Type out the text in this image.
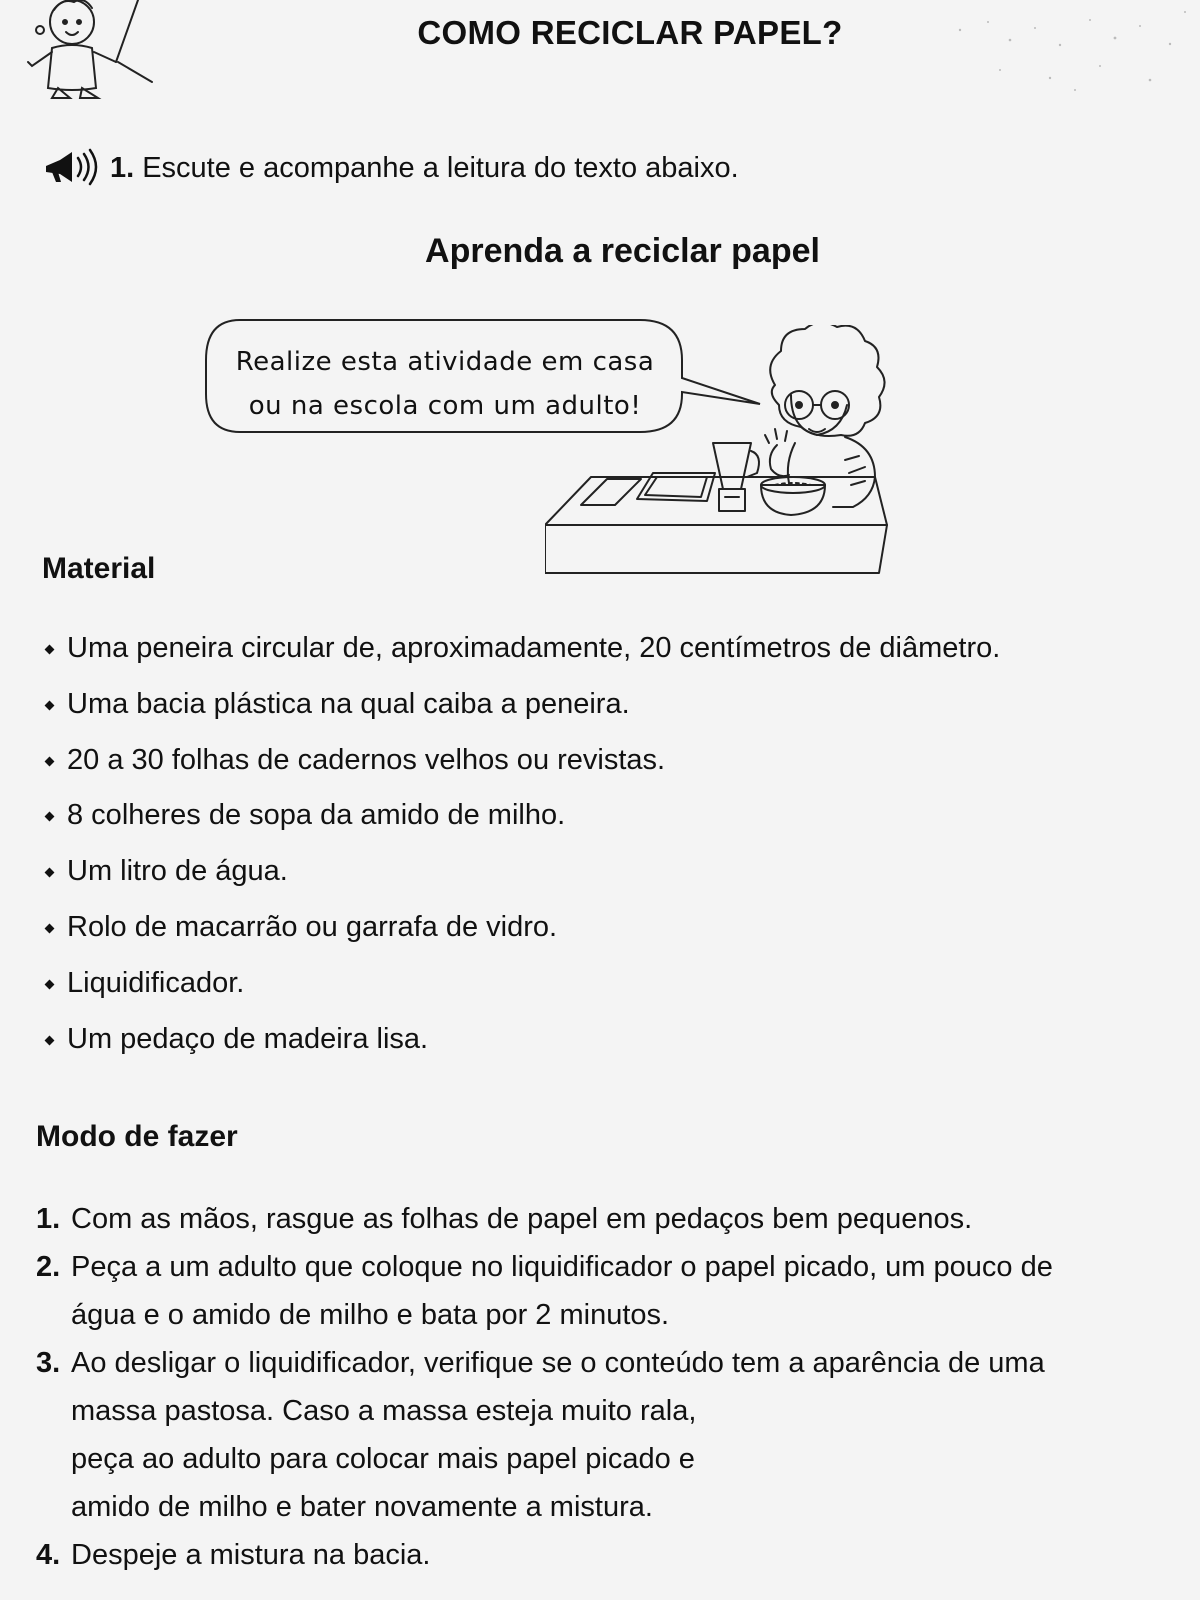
COMO RECICLAR PAPEL?
1. Escute e acompanhe a leitura do texto abaixo.
Aprenda a reciclar papel
Realize esta atividade em casa
ou na escola com um adulto!
Material
Uma peneira circular de, aproximadamente, 20 centímetros de diâmetro.
Uma bacia plástica na qual caiba a peneira.
20 a 30 folhas de cadernos velhos ou revistas.
8 colheres de sopa da amido de milho.
Um litro de água.
Rolo de macarrão ou garrafa de vidro.
Liquidificador.
Um pedaço de madeira lisa.
Modo de fazer
1. Com as mãos, rasgue as folhas de papel em pedaços bem pequenos.
2. Peça a um adulto que coloque no liquidificador o papel picado, um pouco de
água e o amido de milho e bata por 2 minutos.
3. Ao desligar o liquidificador, verifique se o conteúdo tem a aparência de uma
massa pastosa. Caso a massa esteja muito rala,
peça ao adulto para colocar mais papel picado e
amido de milho e bater novamente a mistura.
4. Despeje a mistura na bacia.
